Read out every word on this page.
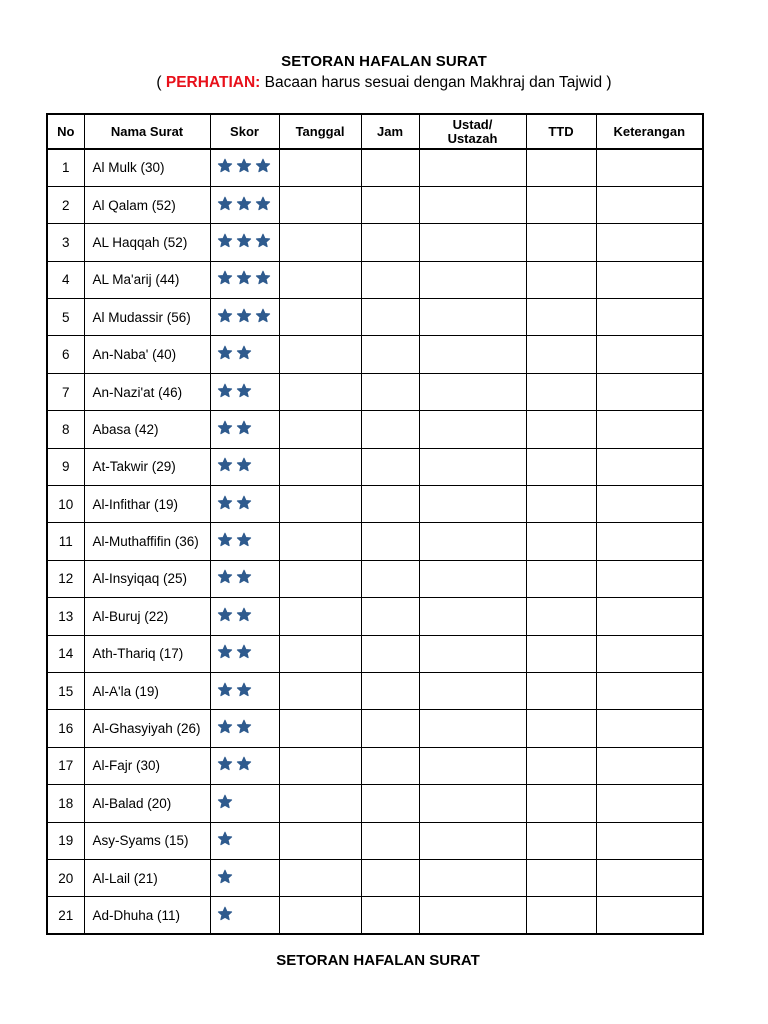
SETORAN HAFALAN SURAT
( PERHATIAN: Bacaan harus sesuai dengan Makhraj dan Tajwid )
No	Nama Surat	Skor	Tanggal	Jam	Ustad/ Ustazah	TTD	Keterangan
1	Al Mulk (30)						
2	Al Qalam (52)						
3	AL Haqqah (52)						
4	AL Ma'arij (44)						
5	Al Mudassir (56)						
6	An-Naba' (40)						
7	An-Nazi'at (46)						
8	Abasa (42)						
9	At-Takwir (29)						
10	Al-Infithar (19)						
11	Al-Muthaffifin (36)						
12	Al-Insyiqaq (25)						
13	Al-Buruj (22)						
14	Ath-Thariq (17)						
15	Al-A'la (19)						
16	Al-Ghasyiyah (26)						
17	Al-Fajr (30)						
18	Al-Balad (20)						
19	Asy-Syams (15)						
20	Al-Lail (21)						
21	Ad-Dhuha (11)						
SETORAN HAFALAN SURAT
